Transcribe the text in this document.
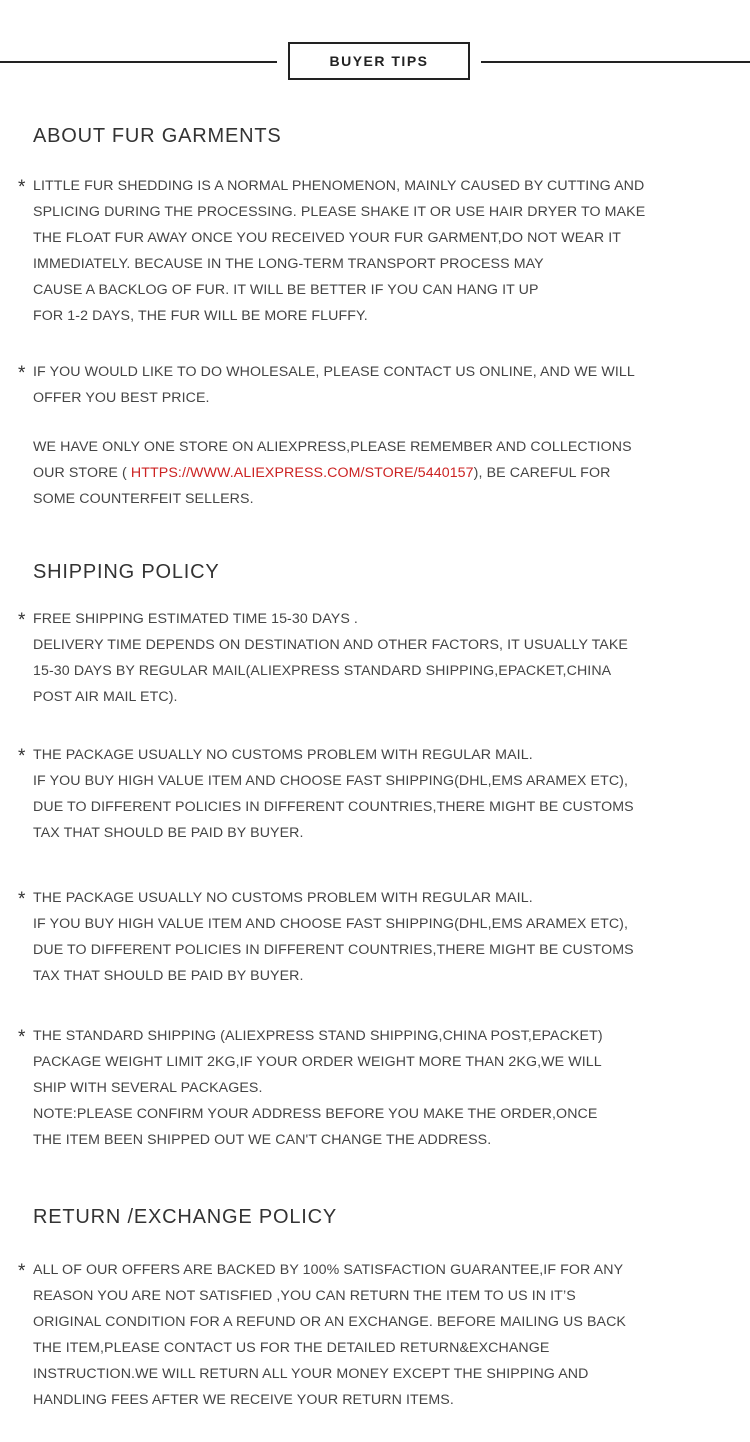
BUYER TIPS
ABOUT FUR GARMENTS
* LITTLE FUR SHEDDING IS A NORMAL PHENOMENON, MAINLY CAUSED BY CUTTING AND
SPLICING DURING THE PROCESSING. PLEASE SHAKE IT OR USE HAIR DRYER TO MAKE
THE FLOAT FUR AWAY ONCE YOU RECEIVED YOUR FUR GARMENT,DO NOT WEAR IT
IMMEDIATELY. BECAUSE IN THE LONG-TERM TRANSPORT PROCESS MAY
CAUSE A BACKLOG OF FUR. IT WILL BE BETTER IF YOU CAN HANG IT UP
FOR 1-2 DAYS, THE FUR WILL BE MORE FLUFFY.
* IF YOU WOULD LIKE TO DO WHOLESALE, PLEASE CONTACT US ONLINE, AND WE WILL
OFFER YOU BEST PRICE.
WE HAVE ONLY ONE STORE ON ALIEXPRESS,PLEASE REMEMBER AND COLLECTIONS
OUR STORE ( HTTPS://WWW.ALIEXPRESS.COM/STORE/5440157), BE CAREFUL FOR
SOME COUNTERFEIT SELLERS.
SHIPPING POLICY
* FREE SHIPPING ESTIMATED TIME 15-30 DAYS .
DELIVERY TIME DEPENDS ON DESTINATION AND OTHER FACTORS, IT USUALLY TAKE
15-30 DAYS BY REGULAR MAIL(ALIEXPRESS STANDARD SHIPPING,EPACKET,CHINA
POST AIR MAIL ETC).
* THE PACKAGE USUALLY NO CUSTOMS PROBLEM WITH REGULAR MAIL.
IF YOU BUY HIGH VALUE ITEM AND CHOOSE FAST SHIPPING(DHL,EMS ARAMEX ETC),
DUE TO DIFFERENT POLICIES IN DIFFERENT COUNTRIES,THERE MIGHT BE CUSTOMS
TAX THAT SHOULD BE PAID BY BUYER.
* THE PACKAGE USUALLY NO CUSTOMS PROBLEM WITH REGULAR MAIL.
IF YOU BUY HIGH VALUE ITEM AND CHOOSE FAST SHIPPING(DHL,EMS ARAMEX ETC),
DUE TO DIFFERENT POLICIES IN DIFFERENT COUNTRIES,THERE MIGHT BE CUSTOMS
TAX THAT SHOULD BE PAID BY BUYER.
* THE STANDARD SHIPPING (ALIEXPRESS STAND SHIPPING,CHINA POST,EPACKET)
PACKAGE WEIGHT LIMIT 2KG,IF YOUR ORDER WEIGHT MORE THAN 2KG,WE WILL
SHIP WITH SEVERAL PACKAGES.
NOTE:PLEASE CONFIRM YOUR ADDRESS BEFORE YOU MAKE THE ORDER,ONCE
THE ITEM BEEN SHIPPED OUT WE CAN'T CHANGE THE ADDRESS.
RETURN /EXCHANGE POLICY
* ALL OF OUR OFFERS ARE BACKED BY 100% SATISFACTION GUARANTEE,IF FOR ANY
REASON YOU ARE NOT SATISFIED ,YOU CAN RETURN THE ITEM TO US IN IT’S
ORIGINAL CONDITION FOR A REFUND OR AN EXCHANGE. BEFORE MAILING US BACK
THE ITEM,PLEASE CONTACT US FOR THE DETAILED RETURN&EXCHANGE
INSTRUCTION.WE WILL RETURN ALL YOUR MONEY EXCEPT THE SHIPPING AND
HANDLING FEES AFTER WE RECEIVE YOUR RETURN ITEMS.
